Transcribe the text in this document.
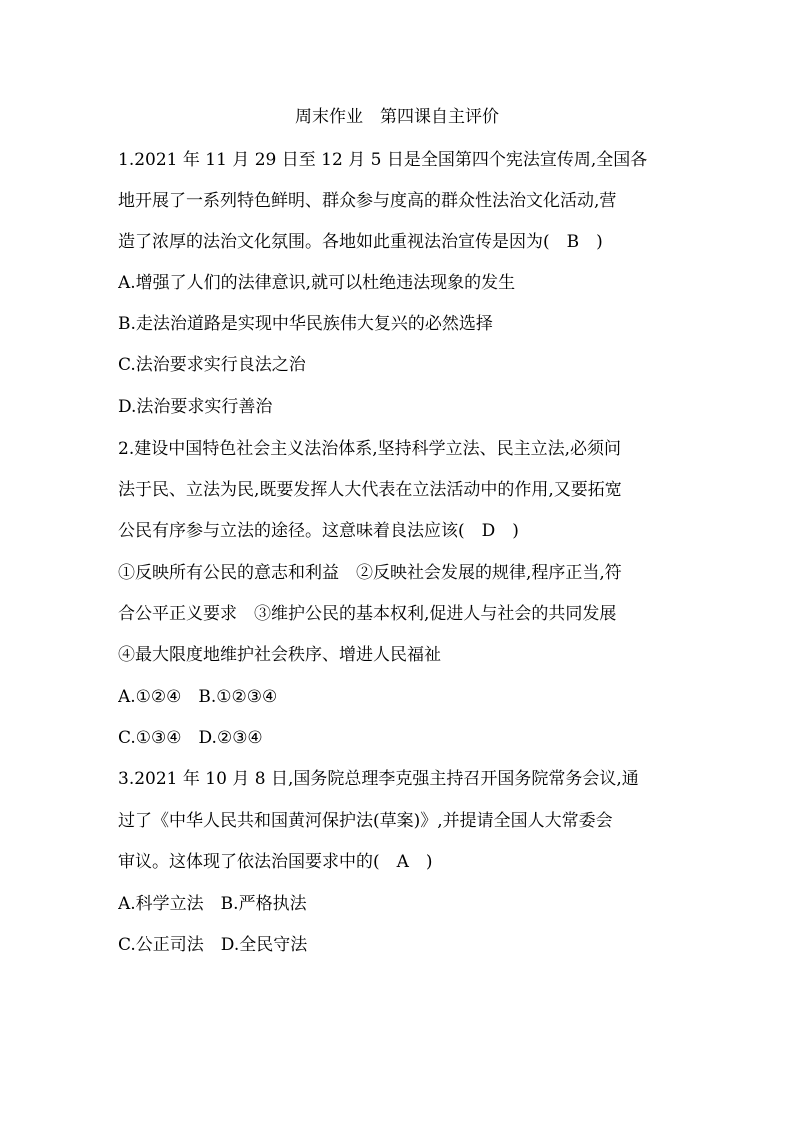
周末作业　第四课自主评价
1.2021 年 11 月 29 日至 12 月 5 日是全国第四个宪法宣传周,全国各
地开展了一系列特色鲜明、群众参与度高的群众性法治文化活动,营
造了浓厚的法治文化氛围。各地如此重视法治宣传是因为(　B　)
A.增强了人们的法律意识,就可以杜绝违法现象的发生
B.走法治道路是实现中华民族伟大复兴的必然选择
C.法治要求实行良法之治
D.法治要求实行善治
2.建设中国特色社会主义法治体系,坚持科学立法、民主立法,必须问
法于民、立法为民,既要发挥人大代表在立法活动中的作用,又要拓宽
公民有序参与立法的途径。这意味着良法应该(　D　)
①反映所有公民的意志和利益　②反映社会发展的规律,程序正当,符
合公平正义要求　③维护公民的基本权利,促进人与社会的共同发展
④最大限度地维护社会秩序、增进人民福祉
A.①②④　B.①②③④
C.①③④　D.②③④
3.2021 年 10 月 8 日,国务院总理李克强主持召开国务院常务会议,通
过了《中华人民共和国黄河保护法(草案)》,并提请全国人大常委会
审议。这体现了依法治国要求中的(　A　)
A.科学立法　B.严格执法
C.公正司法　D.全民守法
